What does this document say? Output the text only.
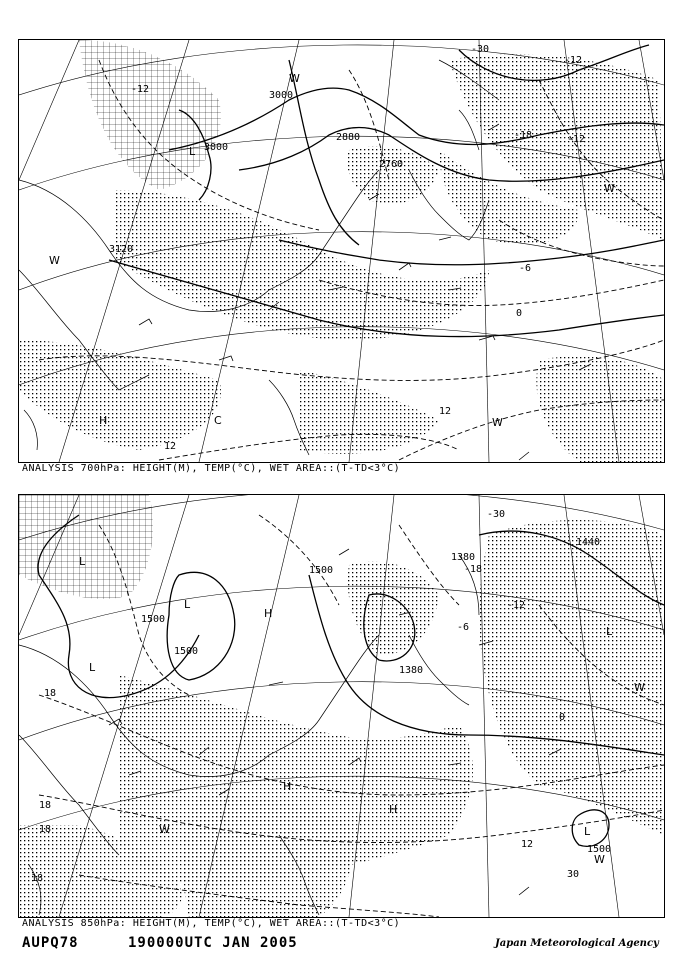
3000
3000
2880
2760
3120
-12
-18	-12
0
-6
12
12
-30
-12
L
H	C
W
W
W
W
ANALYSIS 700hPa: HEIGHT(M), TEMP(°C), WET AREA::(T-TD<3°C)
1500
1500
1500
1500
1380
1380
1440
-30
-18
-12
-6
0
12
18
18
18
18	30
L
L
L
L
L
H
H
H
W
W
W
ANALYSIS 850hPa: HEIGHT(M), TEMP(°C), WET AREA::(T-TD<3°C)
AUPQ78	190000UTC JAN 2005	Japan Meteorological Agency
